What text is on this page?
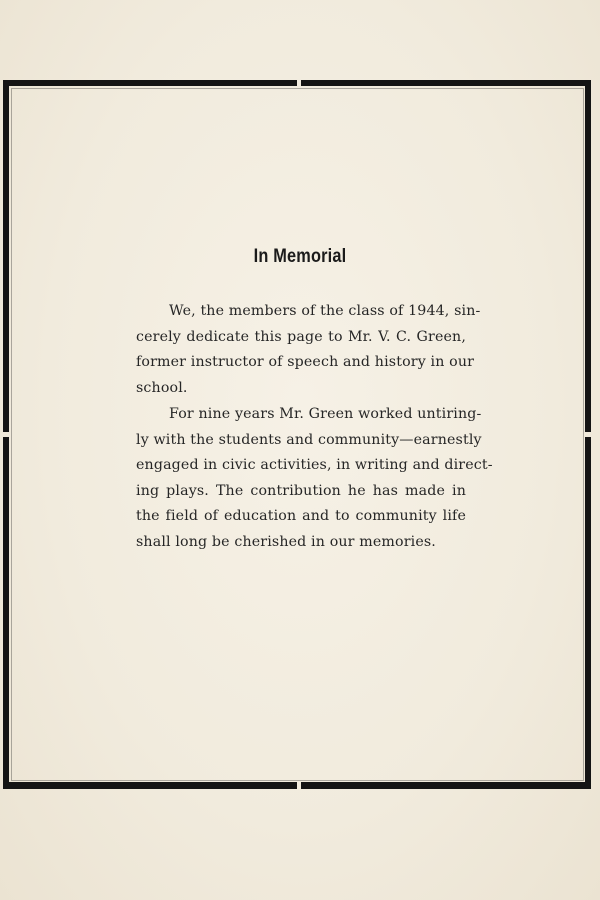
In Memorial
We, the members of the class of 1944, sin-
cerely dedicate this page to Mr. V. C. Green,
former instructor of speech and history in our
school.
For nine years Mr. Green worked untiring-
ly with the students and community—earnestly
engaged in civic activities, in writing and direct-
ing plays. The contribution he has made in
the field of education and to community life
shall long be cherished in our memories.
